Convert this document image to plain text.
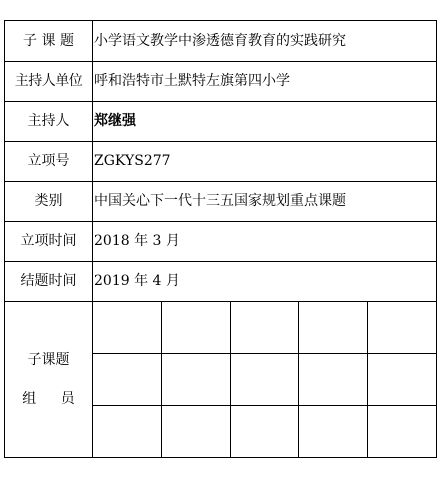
子 课 题	小学语文教学中渗透德育教育的实践研究
主持人单位	呼和浩特市土默特左旗第四小学
主持人	郑继强
立项号	ZGKYS277
类别	中国关心下一代十三五国家规划重点课题
立项时间	2018 年 3 月
结题时间	2019 年 4 月

子课题
组 员
